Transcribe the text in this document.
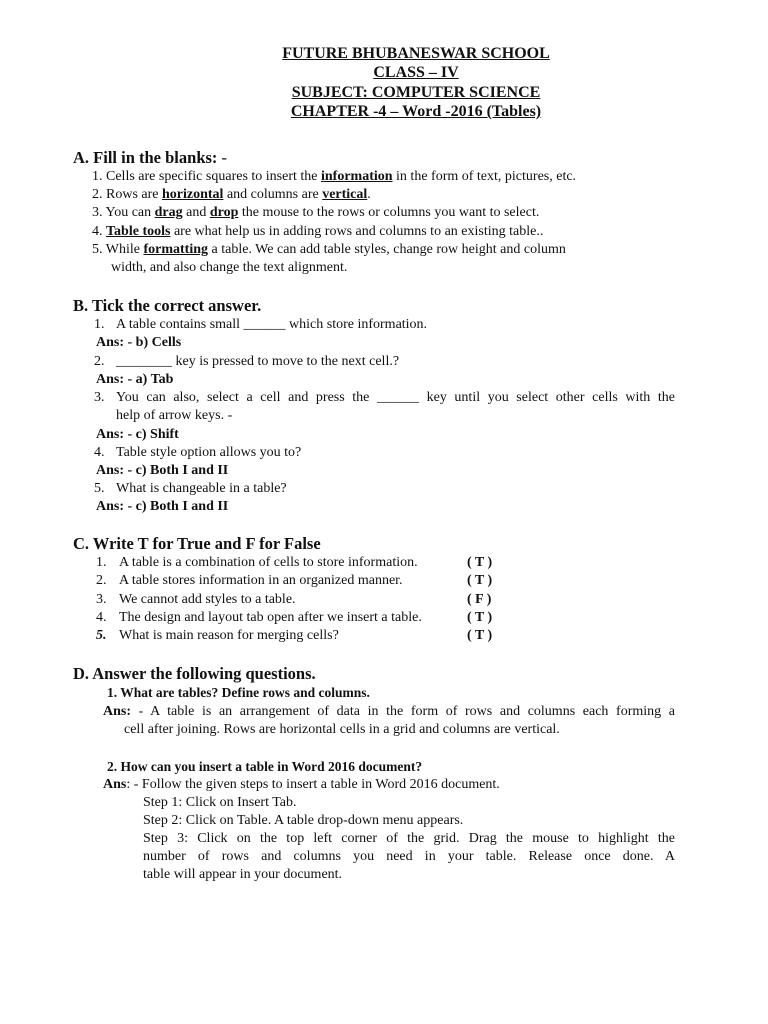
FUTURE BHUBANESWAR SCHOOL
CLASS – IV
SUBJECT: COMPUTER SCIENCE
CHAPTER -4 – Word -2016 (Tables)
A. Fill in the blanks: -
1. Cells are specific squares to insert the information in the form of text, pictures, etc.
2. Rows are horizontal and columns are vertical.
3. You can drag and drop the mouse to the rows or columns you want to select.
4. Table tools are what help us in adding rows and columns to an existing table..
5. While formatting a table. We can add table styles, change row height and column
width, and also change the text alignment.
B. Tick the correct answer.
1. A table contains small ______ which store information.
Ans: - b) Cells
2. ________ key is pressed to move to the next cell.?
Ans: - a) Tab
3. You can also, select a cell and press the ______ key until you select other cells with the
help of arrow keys. -
Ans: - c) Shift
4. Table style option allows you to?
Ans: - c) Both I and II
5. What is changeable in a table?
Ans: - c) Both I and II
C. Write T for True and F for False
1. A table is a combination of cells to store information.	( T )
2. A table stores information in an organized manner.	( T )
3. We cannot add styles to a table.	( F )
4. The design and layout tab open after we insert a table.	( T )
5. What is main reason for merging cells?	( T )
D. Answer the following questions.
1. What are tables? Define rows and columns.
Ans: - A table is an arrangement of data in the form of rows and columns each forming a
cell after joining. Rows are horizontal cells in a grid and columns are vertical.
2. How can you insert a table in Word 2016 document?
Ans: - Follow the given steps to insert a table in Word 2016 document.
Step 1: Click on Insert Tab.
Step 2: Click on Table. A table drop-down menu appears.
Step 3: Click on the top left corner of the grid. Drag the mouse to highlight the
number of rows and columns you need in your table. Release once done. A
table will appear in your document.
